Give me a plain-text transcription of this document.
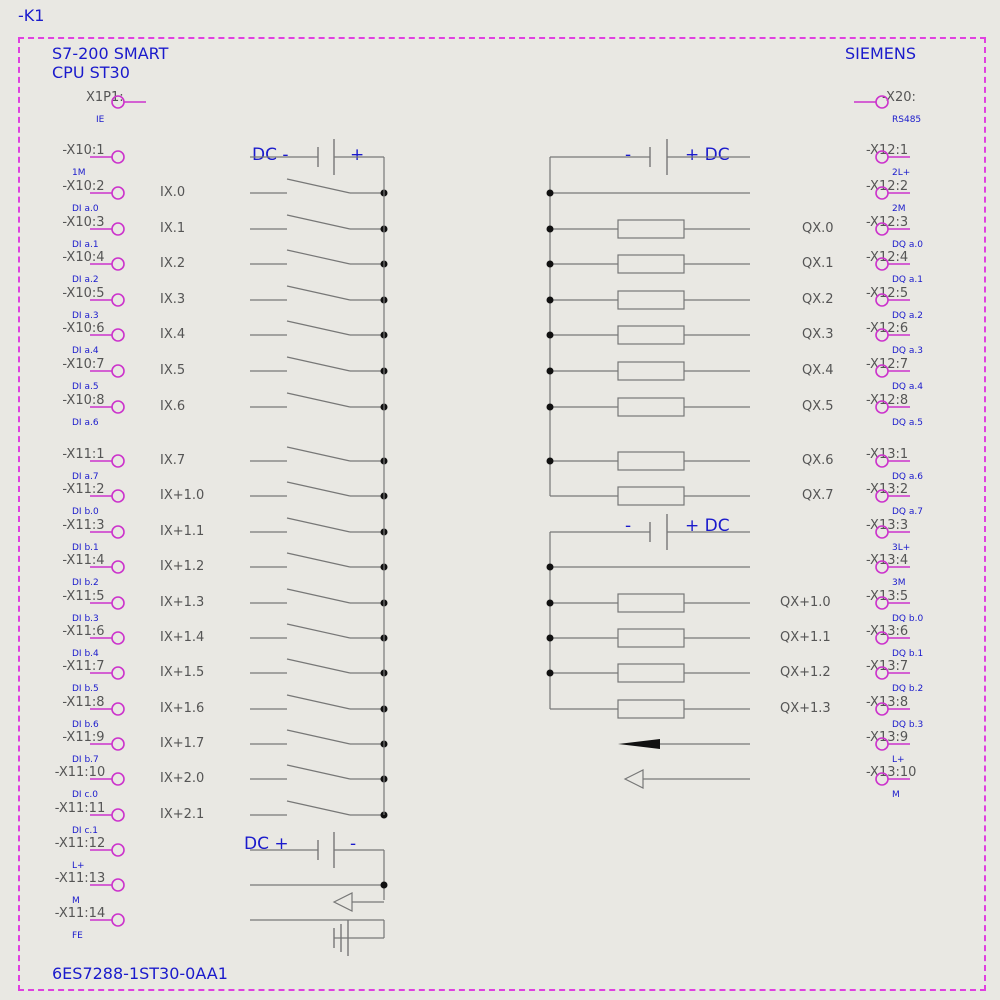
-K1
S7-200 SMART
CPU ST30
SIEMENS
6ES7288-1ST30-0AA1
X1P1:
IE
-X20:
RS485
DC -	+	-	+ DC
-	+ DC
DC +	-
-X10:1
1M
-X10:2
DI a.0
IX.0
-X10:3
DI a.1
IX.1
-X10:4
DI a.2
IX.2
-X10:5
DI a.3
IX.3
-X10:6
DI a.4
IX.4
-X10:7
DI a.5
IX.5
-X10:8
DI a.6
IX.6
-X11:1
DI a.7
IX.7
-X11:2
DI b.0
IX+1.0
-X11:3
DI b.1
IX+1.1
-X11:4
DI b.2
IX+1.2
-X11:5
DI b.3
IX+1.3
-X11:6
DI b.4
IX+1.4
-X11:7
DI b.5
IX+1.5
-X11:8
DI b.6
IX+1.6
-X11:9
DI b.7
IX+1.7
-X11:10
DI c.0
IX+2.0
-X11:11
DI c.1
IX+2.1
-X11:12
L+
-X11:13
M
-X11:14
FE
-X12:1
2L+
-X12:2
2M
-X12:3
DQ a.0
QX.0
-X12:4
DQ a.1
QX.1
-X12:5
DQ a.2
QX.2
-X12:6
DQ a.3
QX.3
-X12:7
DQ a.4
QX.4
-X12:8
DQ a.5
QX.5
-X13:1
DQ a.6
QX.6
-X13:2
DQ a.7
QX.7
-X13:3
3L+
-X13:4
3M
-X13:5
DQ b.0
QX+1.0
-X13:6
DQ b.1
QX+1.1
-X13:7
DQ b.2
QX+1.2
-X13:8
DQ b.3
QX+1.3
-X13:9
L+
-X13:10
M
